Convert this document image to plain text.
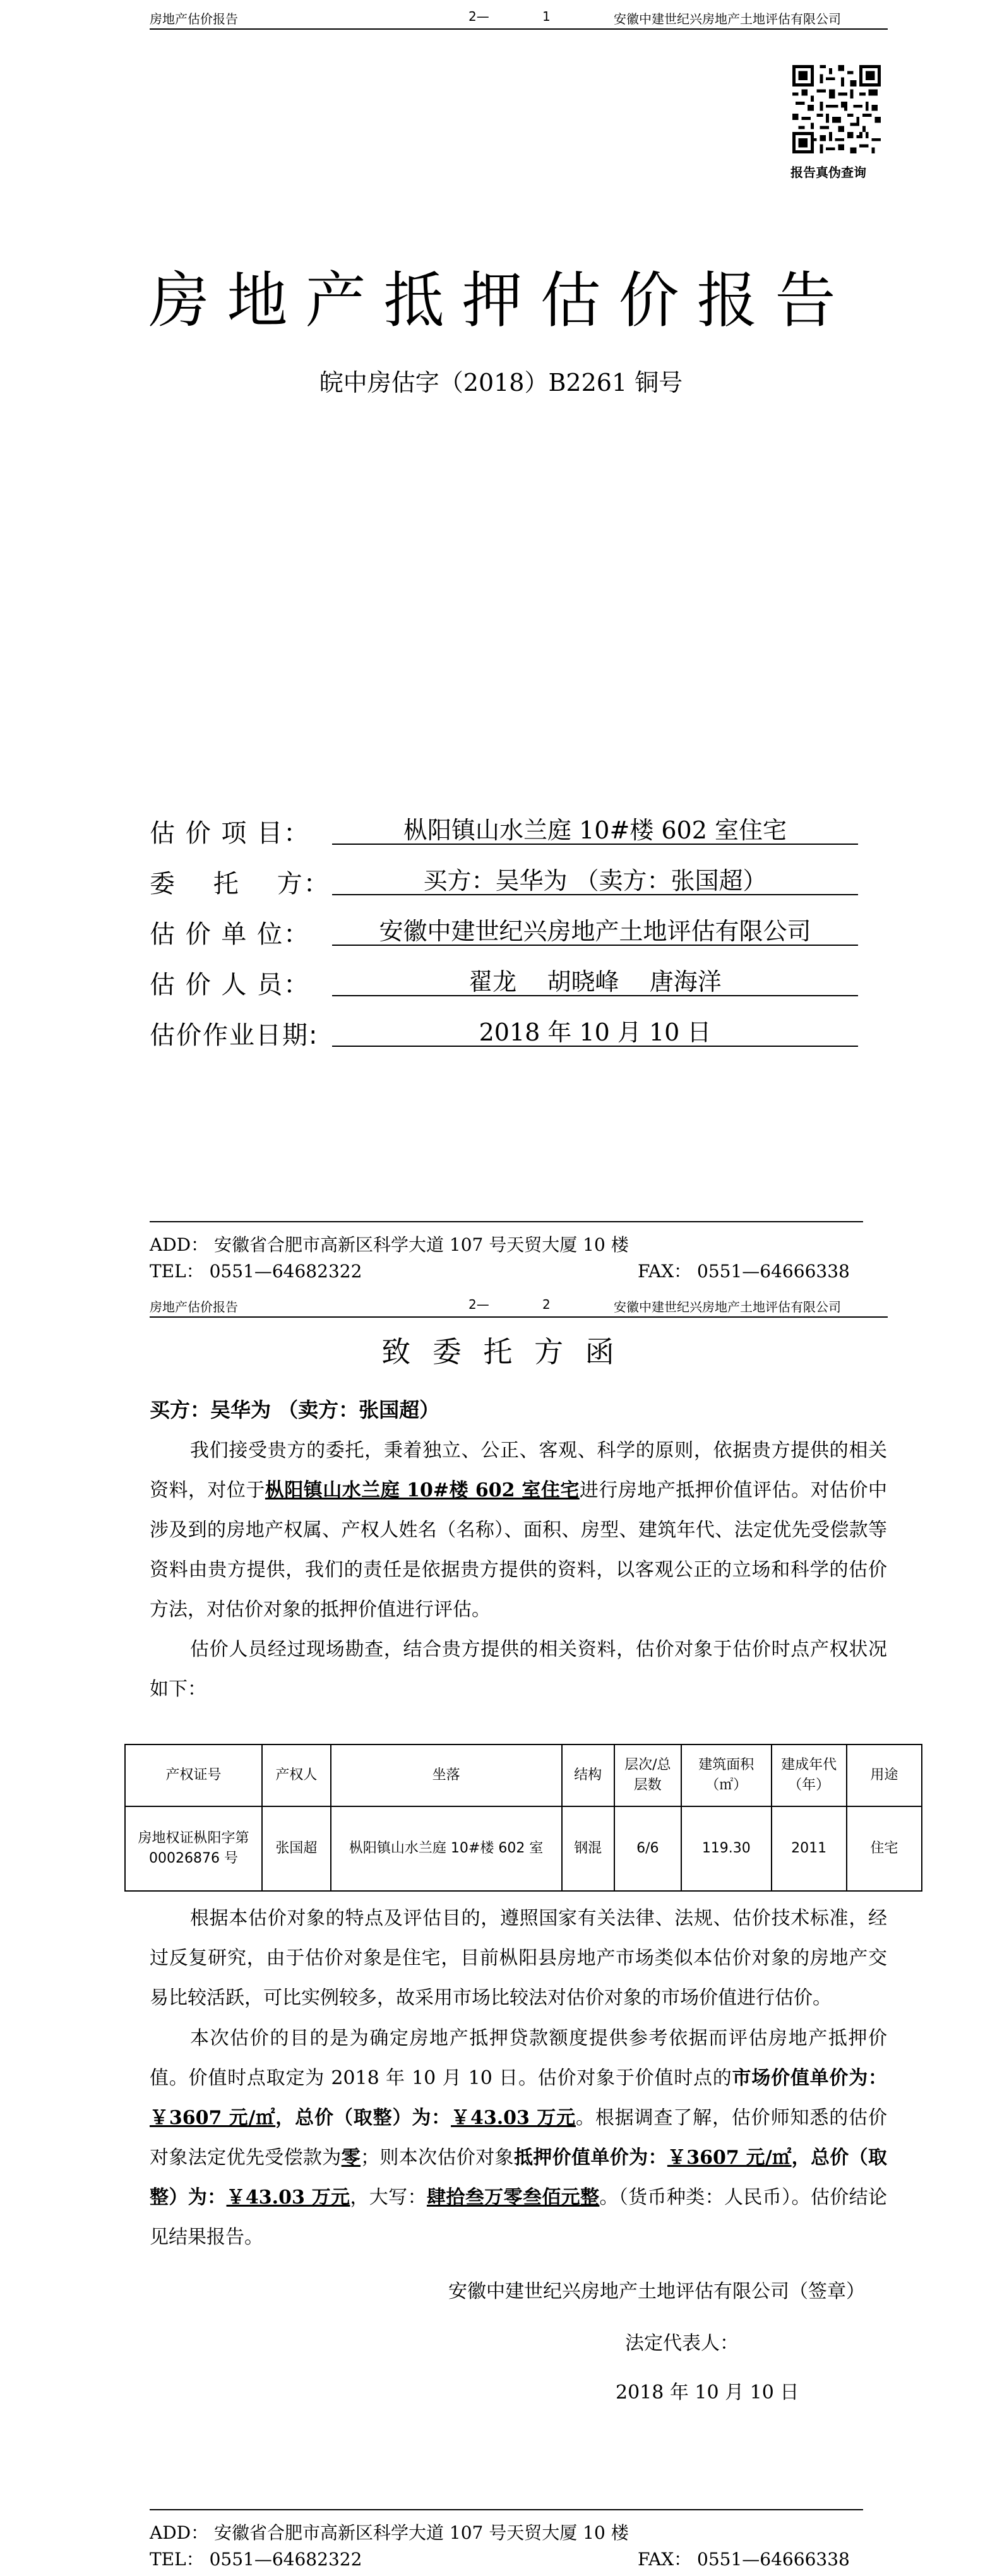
房地产估价报告	2—	1	安徽中建世纪兴房地产土地评估有限公司
报告真伪查询
房地产抵押估价报告
皖中房估字（2018）B2261 铜号
估 价 项 目：	枞阳镇山水兰庭 10#楼 602 室住宅
委    托    方：	买方：吴华为 （卖方：张国超）
估 价 单 位：	安徽中建世纪兴房地产土地评估有限公司
估 价 人 员：	翟龙    胡晓峰    唐海洋
估价作业日期:	2018 年 10 月 10 日
ADD： 安徽省合肥市高新区科学大道 107 号天贸大厦 10 楼
TEL： 0551—64682322	FAX： 0551—64666338
房地产估价报告	2—	2	安徽中建世纪兴房地产土地评估有限公司
致 委 托 方 函
买方：吴华为 （卖方：张国超）
我们接受贵方的委托，秉着独立、公正、客观、科学的原则，依据贵方提供的相关资料，对位于枞阳镇山水兰庭 10#楼 602 室住宅进行房地产抵押价值评估。对估价中涉及到的房地产权属、产权人姓名（名称）、面积、房型、建筑年代、法定优先受偿款等资料由贵方提供，我们的责任是依据贵方提供的资料，以客观公正的立场和科学的估价方法，对估价对象的抵押价值进行评估。
估价人员经过现场勘查，结合贵方提供的相关资料，估价对象于估价时点产权状况如下：
产权证号	产权人	坐落	结构	层次/总层数	建筑面积（㎡）	建成年代（年）	用途
房地权证枞阳字第00026876 号	张国超	枞阳镇山水兰庭 10#楼 602 室	钢混	6/6	119.30	2011	住宅
根据本估价对象的特点及评估目的，遵照国家有关法律、法规、估价技术标准，经过反复研究，由于估价对象是住宅，目前枞阳县房地产市场类似本估价对象的房地产交易比较活跃，可比实例较多，故采用市场比较法对估价对象的市场价值进行估价。
本次估价的目的是为确定房地产抵押贷款额度提供参考依据而评估房地产抵押价值。价值时点取定为 2018 年 10 月 10 日。估价对象于价值时点的市场价值单价为：￥3607 元/㎡，总价（取整）为：￥43.03 万元。根据调查了解，估价师知悉的估价对象法定优先受偿款为零；则本次估价对象抵押价值单价为：￥3607 元/㎡，总价（取整）为：￥43.03 万元，大写：肆拾叁万零叁佰元整。（货币种类：人民币）。估价结论见结果报告。
安徽中建世纪兴房地产土地评估有限公司（签章）
法定代表人：
2018 年 10 月 10 日
ADD： 安徽省合肥市高新区科学大道 107 号天贸大厦 10 楼
TEL： 0551—64682322	FAX： 0551—64666338
